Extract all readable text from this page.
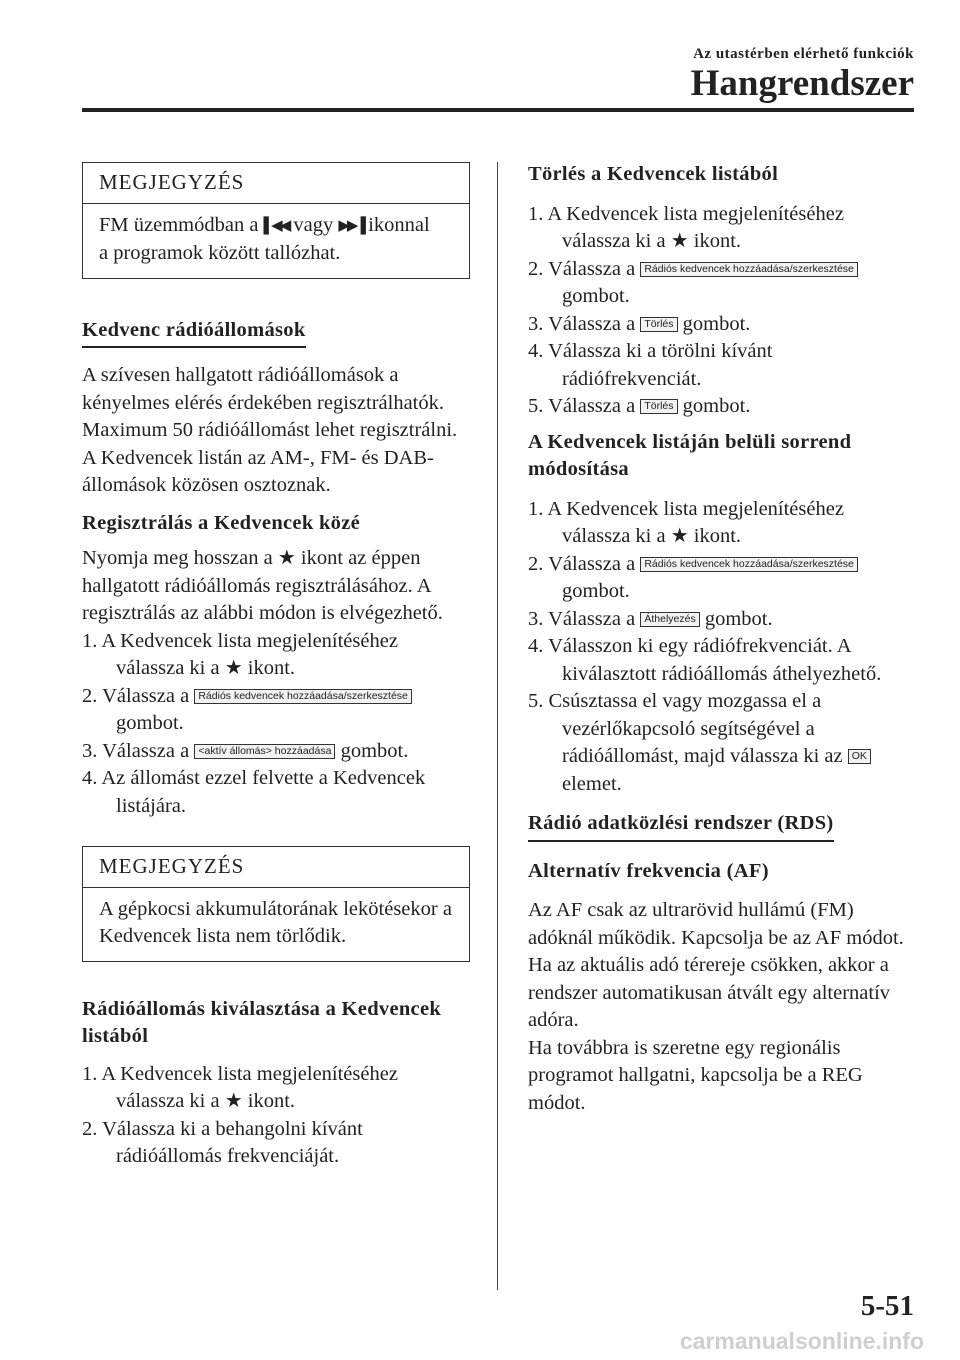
Az utastérben elérhető funkciók
Hangrendszer
MEGJEGYZÉS
FM üzemmódban a ▌◀◀ vagy ▶▶▐ ikonnal
a programok között tallózhat.
Kedvenc rádióállomások

A szívesen hallgatott rádióállomások a kényelmes elérés érdekében regisztrálhatók. Maximum 50 rádióállomást lehet regisztrálni. A Kedvencek listán az AM-, FM- és DAB-állomások közösen osztoznak.

Regisztrálás a Kedvencek közé

Nyomja meg hosszan a ★ ikont az éppen hallgatott rádióállomás regisztrálásához. A regisztrálás az alábbi módon is elvégezhető.

1. A Kedvencek lista megjelenítéséhez válassza ki a ★ ikont.

2. Válassza a Rádiós kedvencek hozzáadása/szerkesztése
gombot.

3. Válassza a <aktív állomás> hozzáadása gombot.

4. Az állomást ezzel felvette a Kedvencek listájára.

MEGJEGYZÉS
A gépkocsi akkumulátorának lekötésekor a Kedvencek lista nem törlődik.

Rádióállomás kiválasztása a Kedvencek listából

1. A Kedvencek lista megjelenítéséhez válassza ki a ★ ikont.

2. Válassza ki a behangolni kívánt rádióállomás frekvenciáját.

Törlés a Kedvencek listából

1. A Kedvencek lista megjelenítéséhez válassza ki a ★ ikont.

2. Válassza a Rádiós kedvencek hozzáadása/szerkesztése
gombot.

3. Válassza a Törlés gombot.

4. Válassza ki a törölni kívánt rádiófrekvenciát.

5. Válassza a Törlés gombot.

A Kedvencek listáján belüli sorrend módosítása

1. A Kedvencek lista megjelenítéséhez válassza ki a ★ ikont.

2. Válassza a Rádiós kedvencek hozzáadása/szerkesztése
gombot.

3. Válassza a Áthelyezés gombot.

4. Válasszon ki egy rádiófrekvenciát. A kiválasztott rádióállomás áthelyezhető.

5. Csúsztassa el vagy mozgassa el a vezérlőkapcsoló segítségével a rádióállomást, majd válassza ki az OK
elemet.

Rádió adatközlési rendszer (RDS)

Alternatív frekvencia (AF)

Az AF csak az ultrarövid hullámú (FM) adóknál működik. Kapcsolja be az AF módot. Ha az aktuális adó térereje csökken, akkor a rendszer automatikusan átvált egy alternatív adóra.

Ha továbbra is szeretne egy regionális programot hallgatni, kapcsolja be a REG módot.

5-51
carmanualsonline.info
